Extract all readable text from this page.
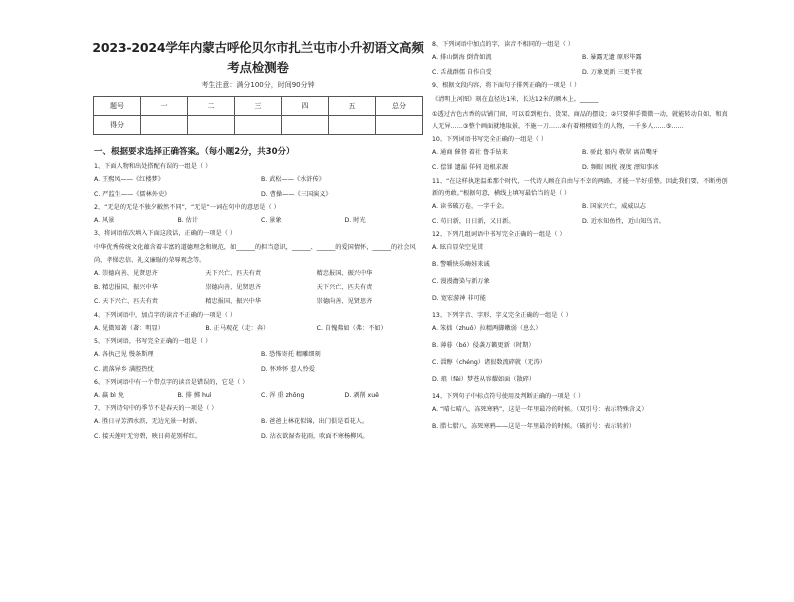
2023-2024学年内蒙古呼伦贝尔市扎兰屯市小升初语文高频
考点检测卷
考生注意：满分100分，时间90分钟
题号	一	二	三	四	五	总分
得分						
一、根据要求选择正确答案。（每小题2分，共30分）
1、下面人物和出处搭配有误的一组是（ ）
A. 王熙凤——《红楼梦》	B. 武松——《水浒传》
C. 严监生——《儒林外史》	D. 曹操——《三国演义》
2、“无是的无是不独夕敝然不同”，“无是”一词在句中的意思是（ ）
A. 风景	B. 估计	C. 景象	D. 时光
3、将词语依次填入下面这段话，正确的一项是（ ）
中华优秀传统文化蕴含着丰富的道德理念和规范，如______的担当意识，______、______的爱国情怀，______的社会风尚，孝悌忠信、礼义廉耻的荣辱观念等。
A. 崇德向善、见贤思齐	天下兴亡、匹夫有责	精忠报国、振兴中华
B. 精忠报国、振兴中华	崇德向善、见贤思齐	天下兴亡、匹夫有责
C. 天下兴亡、匹夫有责	精忠报国、振兴中华	崇德向善、见贤思齐
4、下列词语中，加点字的读音不正确的一项是（ ）
A. 见微知著（著：明显）	B. 正马观花（走：奔）	C. 自愧弗如（弗：不如）
5、下列词语，书写完全正确的一组是（ ）
A. 各执己见 慢条斯理	B. 恐怖寄托 精雕细刻
C. 流落异乡 满腔热忱	D. 怀珍怀 惹人怜爱
6、下列词语中有一个带点字的读音是错误的，它是（ ）
A. 赢 bì 免	B. 排 掷 huì	C. 浑 重 zhōng	D. 剥削 xuē
7、下列诗句中的季节不是春天的一项是（ ）
A. 胜日寻芳泗水滨，无边光景一时新。	B. 爸爸上林花似锦，出门俱是看花人。
C. 接天莲叶无穷碧，映日荷花别样红。	D. 沾衣欲湿杏花雨，吹面不寒杨柳风。
8、下列词语中加点的字，读音不相同的一组是（ ）
A. 排山倒海 倒背如流	B. 暴露无遗 原形毕露
C. 舌战群儒 自作自受	D. 万象更新 三更半夜
9、根据文段内容，将下面句子排列正确的一项是（ ）
《清明上河图》刻在直径达1米，长达12米的额木上。______
①透过古色古香的店铺门窗，可以看到柜台、货架、商品的摆设；②只要伸手微微一动，就能转动自如，和真人无异……③整个画面就地取景，不施一刀……④有着栩栩如生的人物，一千多人……⑤……
10、下列词语书写完全正确的一组是（ ）
A. 通商 催督 着社 鲁手钻来	B. 骄此 船内 敬翠 离苗嘴牙
C. 偿罪 遗漏 佯伺 追根求源	D. 频眼 困扰 视度 漂知事冰
11、“在这样执迷温柔那个时代，一代诗人顾在自由与不幸的两路，才能一半好重整。因此我们要，不断勇创新的勇敢。”根据句意，横线上填写最恰当的是（ ）
A. 读书破万卷，一字千金。	B. 国家兴亡，威威以志
C. 苟日新，日日新，又日新。	D. 近水知鱼性，近山知鸟音。
12、下列几组词语中书写完全正确的一组是（ ）
A. 眩自显荣空见贯
B. 警嚼快乐嗨娃来诚
C. 漫漫澹染与新万象
D. 宽宏游神 非可能
13、下列字音、字形、字义完全正确的一组是（ ）
A. 笨拙（zhuō）拉精两脚嫩弱（息么）
B. 薄暮（bó）侵袭万籁更新（时期）
C. 淄醇（chéng）诸很数流碎就（无涛）
D. 琅（fěi）梦苍从容耀如面（散碎）
14、下列句子中标点符号使用及判断正确的一项是（ ）
A. “晴七晴八，冻死寒鸦”，这是一年里最冷的时候。（双引号：表示特殊含义）
B. 腊七腊八，冻死寒鸦——这是一年里最冷的时候。（破折号：表示转折）
